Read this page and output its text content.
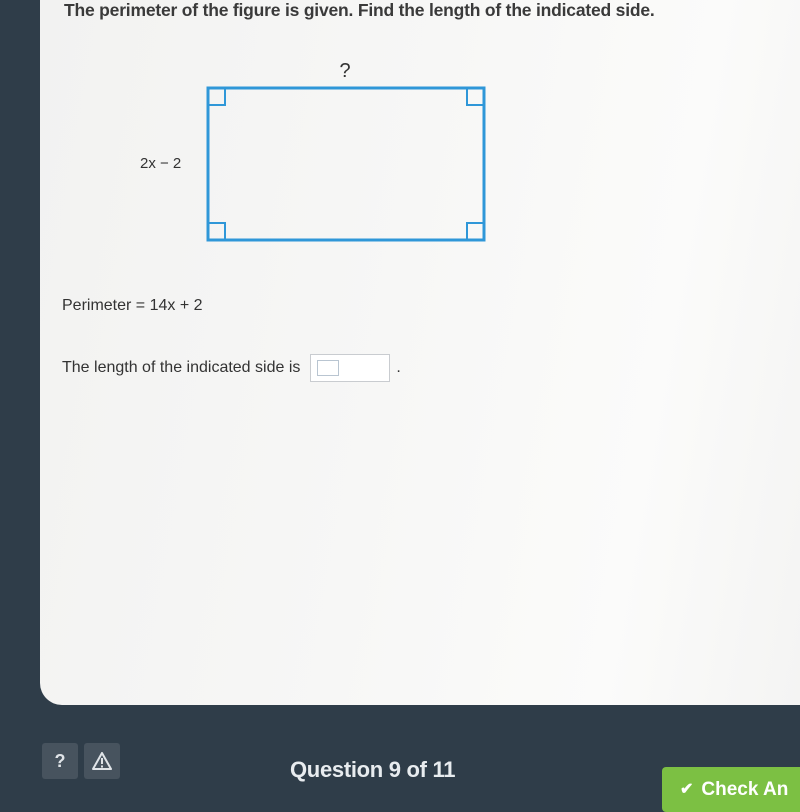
The perimeter of the figure is given. Find the length of the indicated side.
?
2x − 2
Perimeter = 14x + 2
The length of the indicated side is	.
?	Question 9 of 11
✔ Check An
